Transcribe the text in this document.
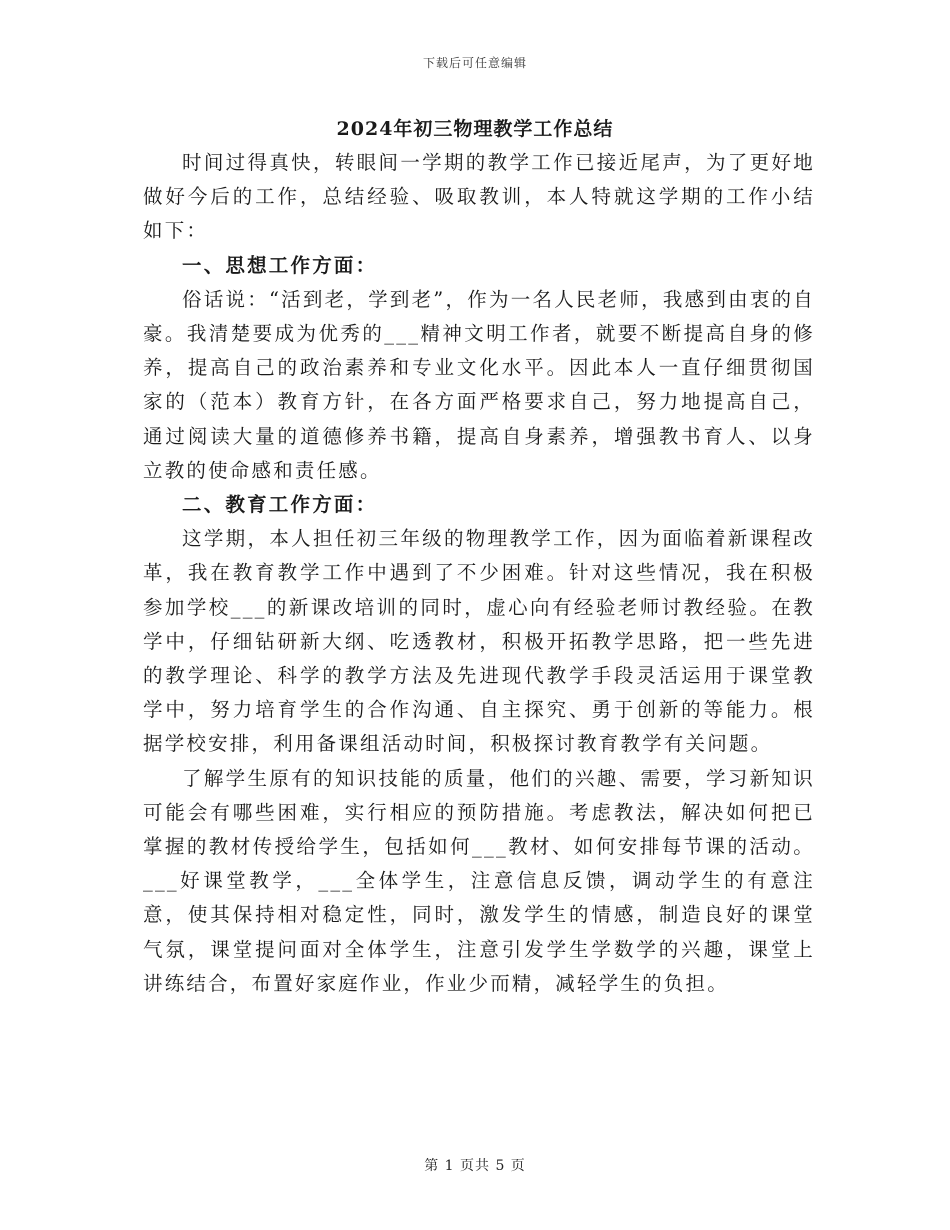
下载后可任意编辑
2024年初三物理教学工作总结

时间过得真快，转眼间一学期的教学工作已接近尾声，为了更好地做好今后的工作，总结经验、吸取教训，本人特就这学期的工作小结如下：

一、思想工作方面：

俗话说：“活到老，学到老”，作为一名人民老师，我感到由衷的自豪。我清楚要成为优秀的___精神文明工作者，就要不断提高自身的修养，提高自己的政治素养和专业文化水平。因此本人一直仔细贯彻国家的（范本）教育方针，在各方面严格要求自己，努力地提高自己，通过阅读大量的道德修养书籍，提高自身素养，增强教书育人、以身立教的使命感和责任感。

二、教育工作方面：

这学期，本人担任初三年级的物理教学工作，因为面临着新课程改革，我在教育教学工作中遇到了不少困难。针对这些情况，我在积极参加学校___的新课改培训的同时，虚心向有经验老师讨教经验。在教学中，仔细钻研新大纲、吃透教材，积极开拓教学思路，把一些先进的教学理论、科学的教学方法及先进现代教学手段灵活运用于课堂教学中，努力培育学生的合作沟通、自主探究、勇于创新的等能力。根据学校安排，利用备课组活动时间，积极探讨教育教学有关问题。

了解学生原有的知识技能的质量，他们的兴趣、需要，学习新知识可能会有哪些困难，实行相应的预防措施。考虑教法，解决如何把已掌握的教材传授给学生，包括如何___教材、如何安排每节课的活动。___好课堂教学，___全体学生，注意信息反馈，调动学生的有意注意，使其保持相对稳定性，同时，激发学生的情感，制造良好的课堂气氛，课堂提问面对全体学生，注意引发学生学数学的兴趣，课堂上讲练结合，布置好家庭作业，作业少而精，减轻学生的负担。

第 1 页共 5 页
